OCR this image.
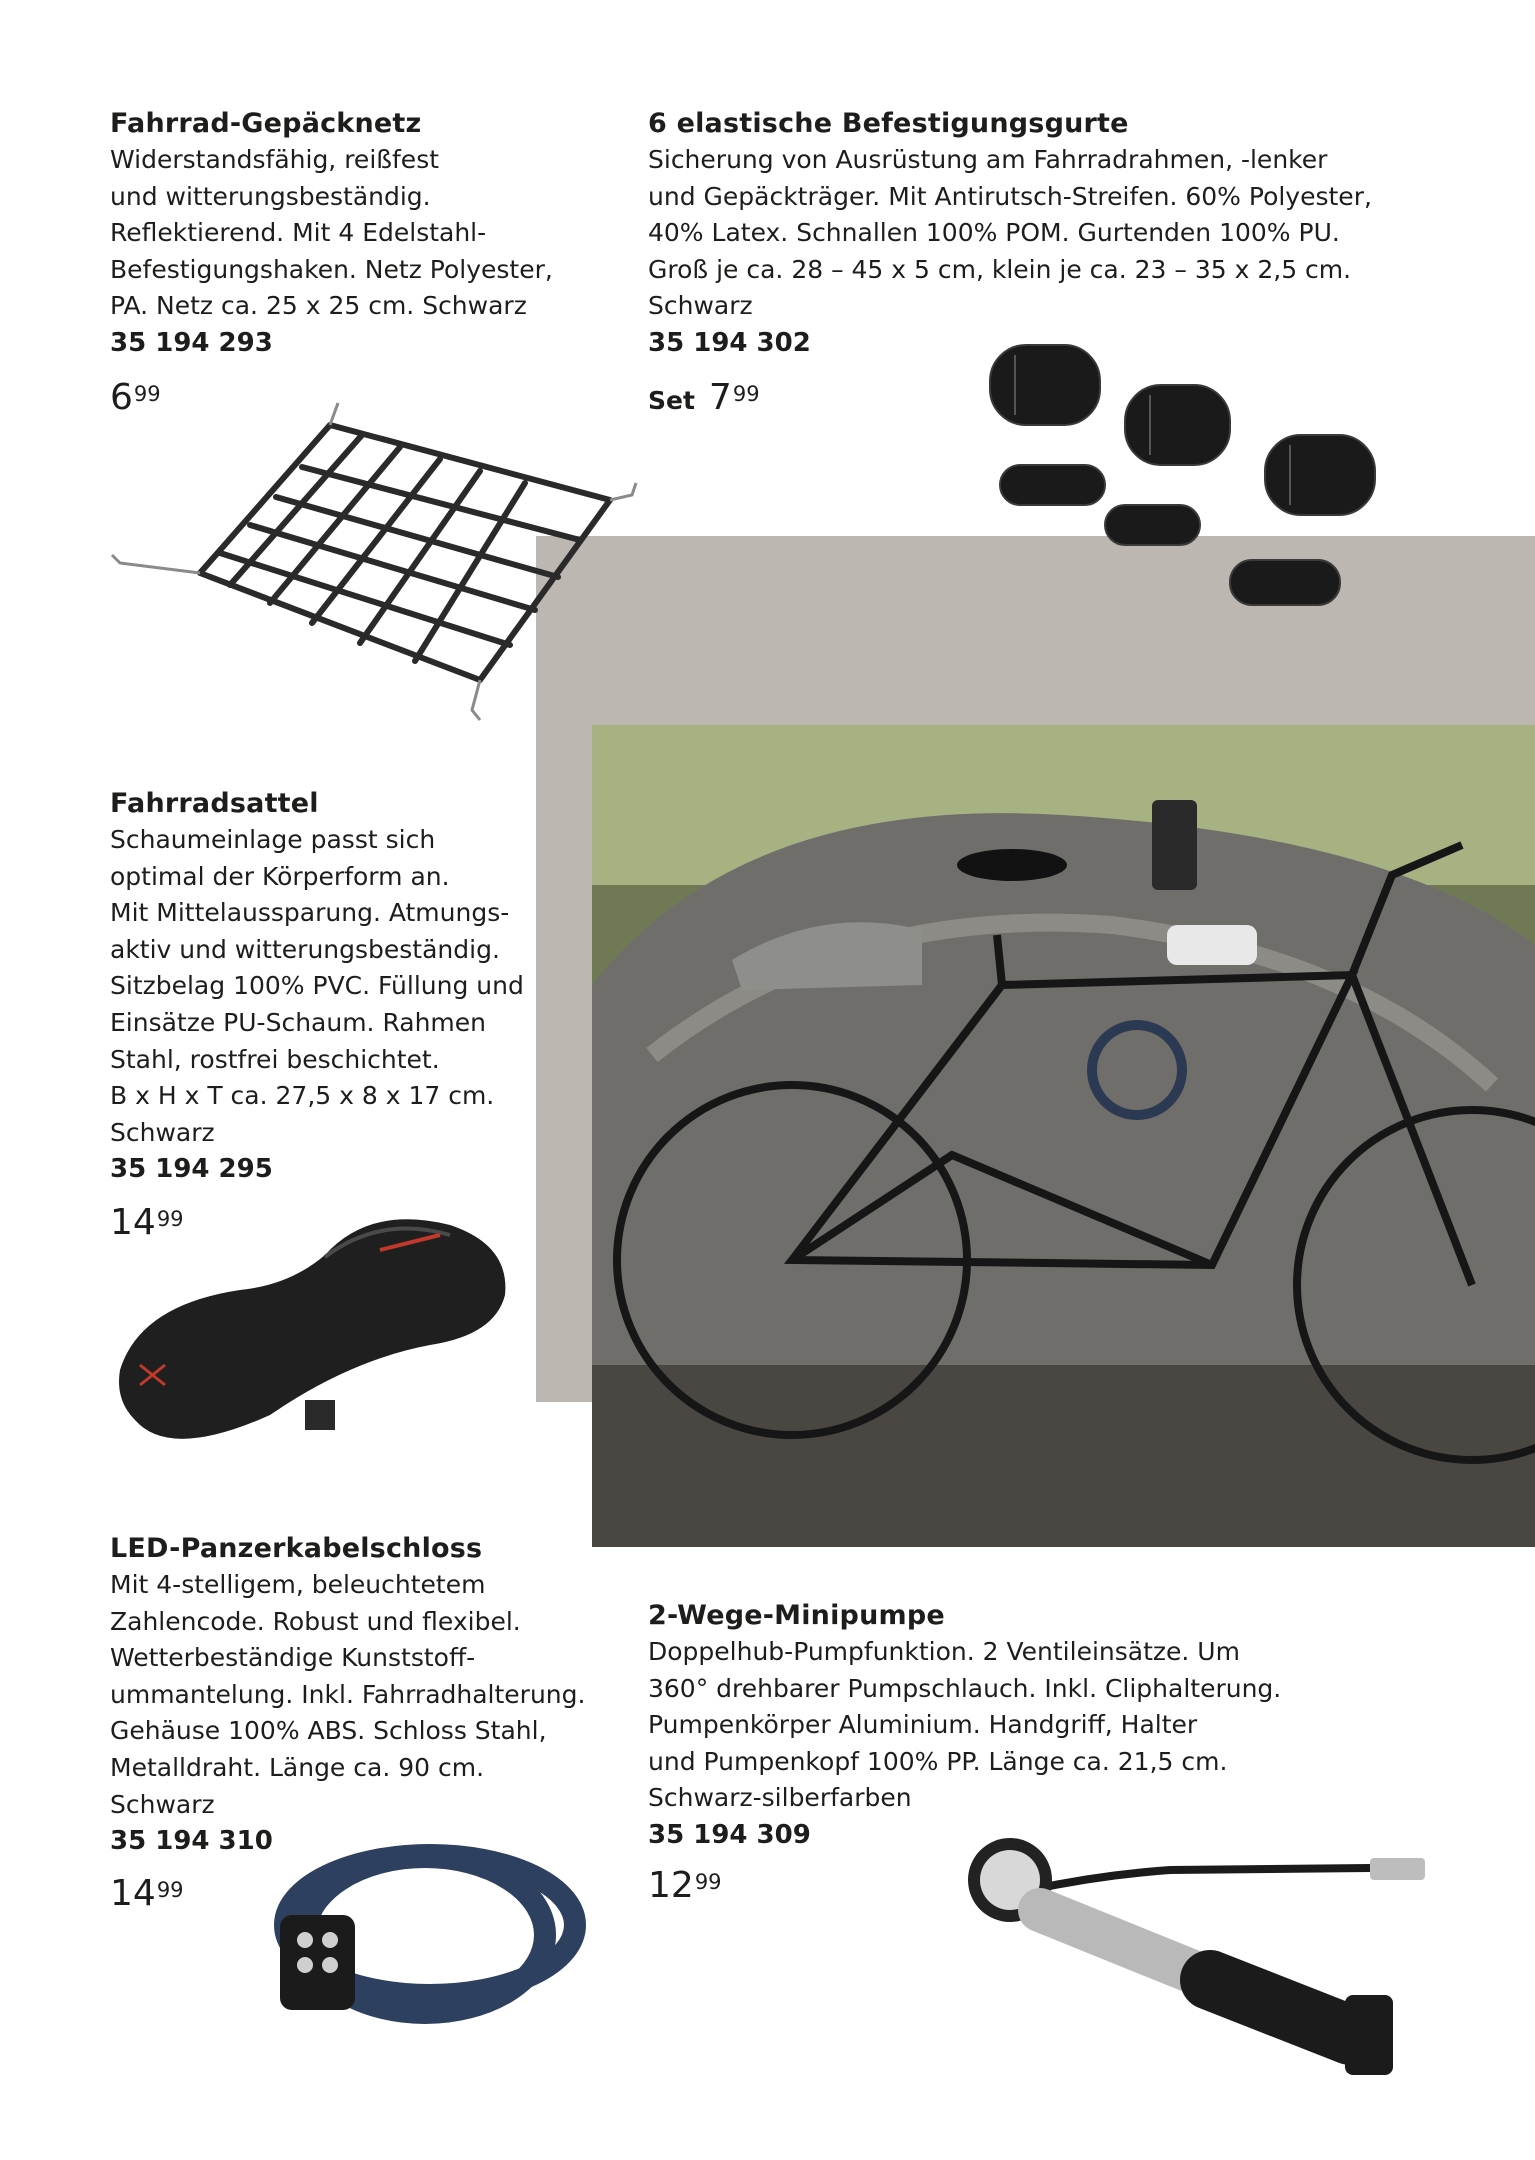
Fahrrad-Gepäcknetz
Widerstandsfähig, reißfest
und witterungsbeständig.
Reflektierend. Mit 4 Edelstahl-
Befestigungshaken. Netz Polyester,
PA. Netz ca. 25 x 25 cm. Schwarz
35 194 293
$6^{99}$
6 elastische Befestigungsgurte
Sicherung von Ausrüstung am Fahrradrahmen, -lenker
und Gepäckträger. Mit Antirutsch-Streifen. 60% Polyester,
40% Latex. Schnallen 100% POM. Gurtenden 100% PU.
Groß je ca. 28 – 45 x 5 cm, klein je ca. 23 – 35 x 2,5 cm.
Schwarz
35 194 302
Set $7^{99}$
Fahrradsattel
Schaumeinlage passt sich
optimal der Körperform an.
Mit Mittelaussparung. Atmungs-
aktiv und witterungsbeständig.
Sitzbelag 100% PVC. Füllung und
Einsätze PU-Schaum. Rahmen
Stahl, rostfrei beschichtet.
B x H x T ca. 27,5 x 8 x 17 cm.
Schwarz
35 194 295
$14^{99}$
LED-Panzerkabelschloss
Mit 4-stelligem, beleuchtetem
Zahlencode. Robust und flexibel.
Wetterbeständige Kunststoff-
ummantelung. Inkl. Fahrradhalterung.
Gehäuse 100% ABS. Schloss Stahl,
Metalldraht. Länge ca. 90 cm.
Schwarz
35 194 310
$14^{99}$
2-Wege-Minipumpe
Doppelhub-Pumpfunktion. 2 Ventileinsätze. Um
360° drehbarer Pumpschlauch. Inkl. Cliphalterung.
Pumpenkörper Aluminium. Handgriff, Halter
und Pumpenkopf 100% PP. Länge ca. 21,5 cm.
Schwarz-silberfarben
35 194 309
$12^{99}$
